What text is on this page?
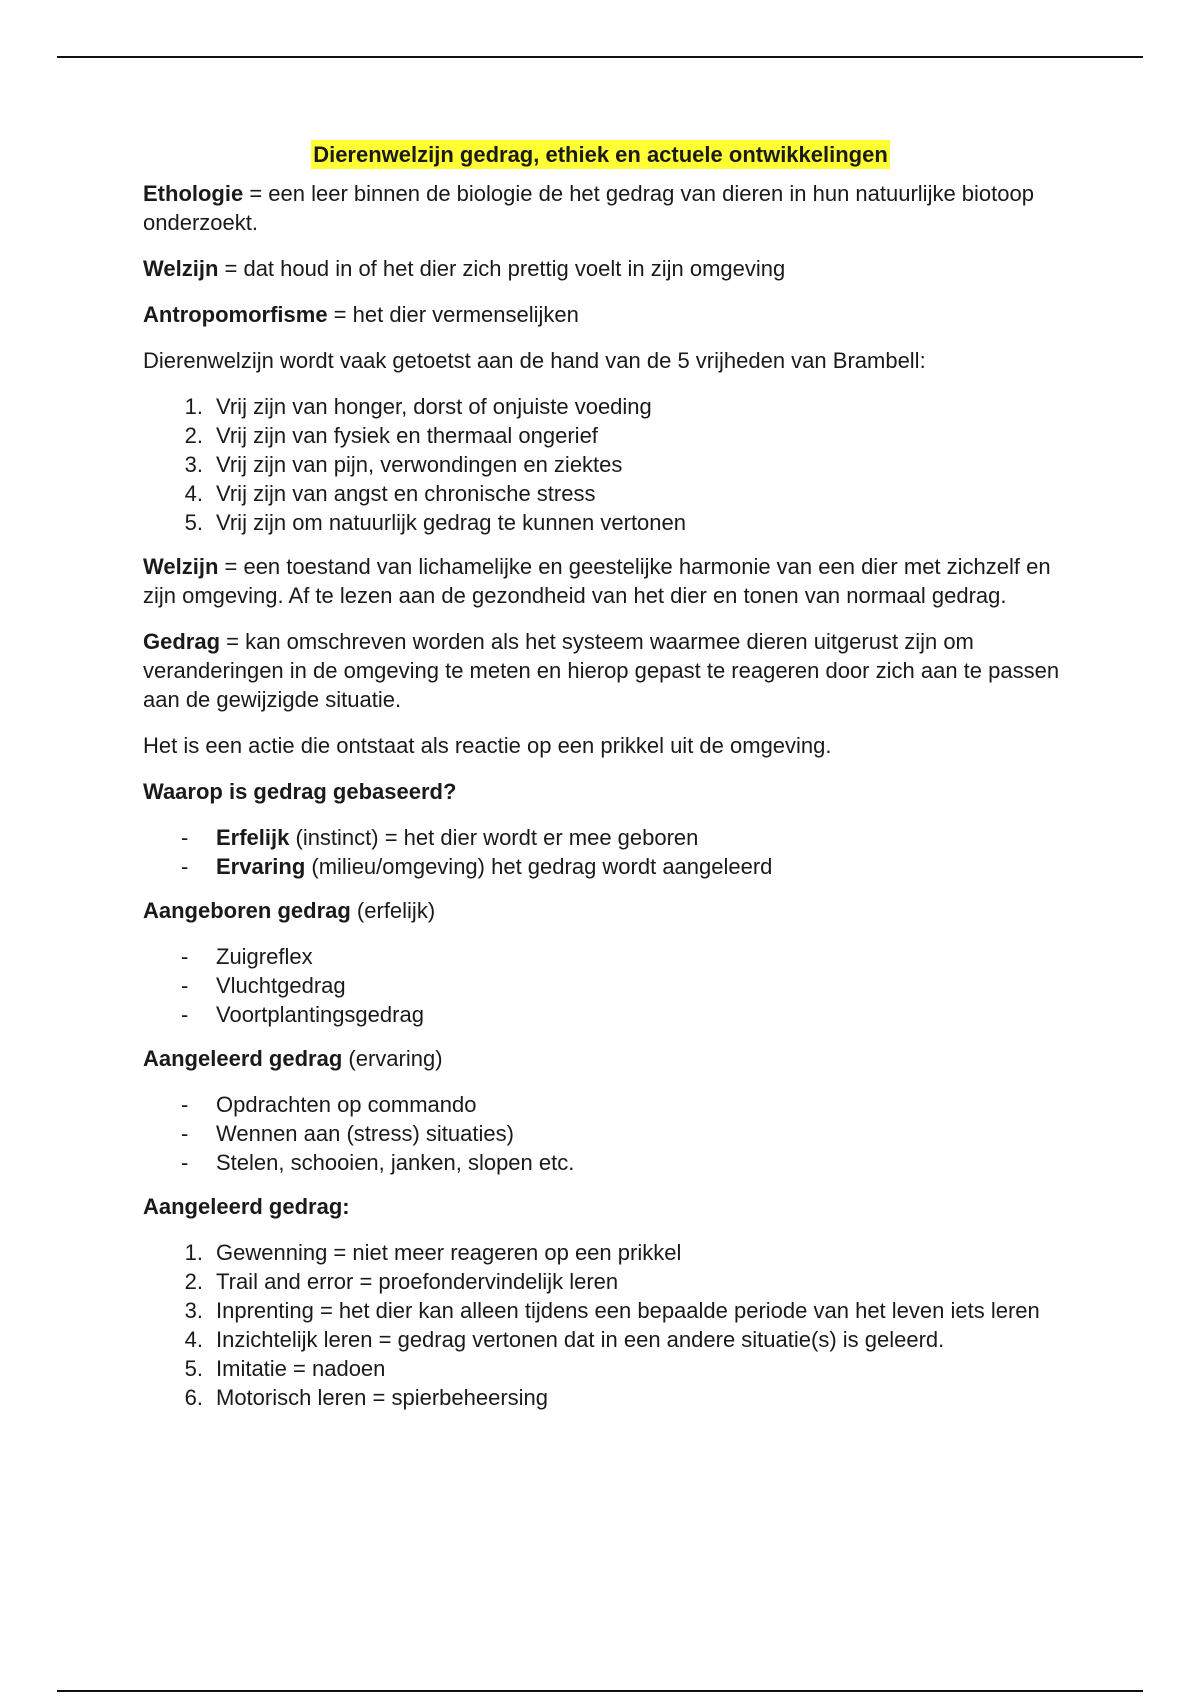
Dierenwelzijn gedrag, ethiek en actuele ontwikkelingen

Ethologie = een leer binnen de biologie de het gedrag van dieren in hun natuurlijke biotoop onderzoekt.

Welzijn = dat houd in of het dier zich prettig voelt in zijn omgeving

Antropomorfisme = het dier vermenselijken

Dierenwelzijn wordt vaak getoetst aan de hand van de 5 vrijheden van Brambell:

1. Vrij zijn van honger, dorst of onjuiste voeding
2. Vrij zijn van fysiek en thermaal ongerief
3. Vrij zijn van pijn, verwondingen en ziektes
4. Vrij zijn van angst en chronische stress
5. Vrij zijn om natuurlijk gedrag te kunnen vertonen

Welzijn = een toestand van lichamelijke en geestelijke harmonie van een dier met zichzelf en zijn omgeving. Af te lezen aan de gezondheid van het dier en tonen van normaal gedrag.

Gedrag = kan omschreven worden als het systeem waarmee dieren uitgerust zijn om veranderingen in de omgeving te meten en hierop gepast te reageren door zich aan te passen aan de gewijzigde situatie.

Het is een actie die ontstaat als reactie op een prikkel uit de omgeving.

Waarop is gedrag gebaseerd?

- Erfelijk (instinct) = het dier wordt er mee geboren
- Ervaring (milieu/omgeving) het gedrag wordt aangeleerd

Aangeboren gedrag (erfelijk)

- Zuigreflex
- Vluchtgedrag
- Voortplantingsgedrag

Aangeleerd gedrag (ervaring)

- Opdrachten op commando
- Wennen aan (stress) situaties)
- Stelen, schooien, janken, slopen etc.

Aangeleerd gedrag:

1. Gewenning = niet meer reageren op een prikkel
2. Trail and error = proefondervindelijk leren
3. Inprenting = het dier kan alleen tijdens een bepaalde periode van het leven iets leren
4. Inzichtelijk leren = gedrag vertonen dat in een andere situatie(s) is geleerd.
5. Imitatie = nadoen
6. Motorisch leren = spierbeheersing
